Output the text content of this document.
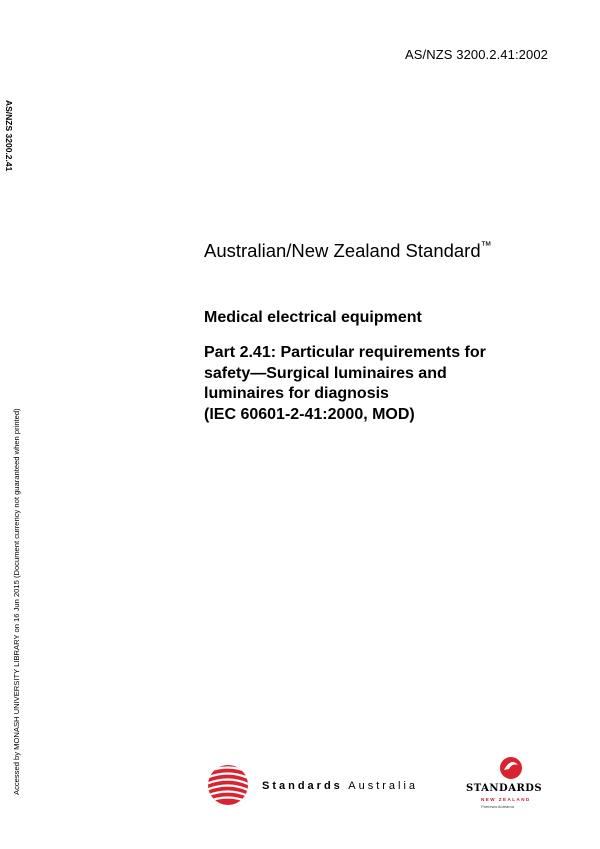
AS/NZS 3200.2.41:2002
AS/NZS 3200.2.41
Accessed by MONASH UNIVERSITY LIBRARY on 16 Jun 2015 (Document currency not guaranteed when printed)
Australian/New Zealand Standard™
Medical electrical equipment
Part 2.41: Particular requirements for
safety—Surgical luminaires and
luminaires for diagnosis
(IEC 60601-2-41:2000, MOD)
Standards Australia	STANDARDS
NEW ZEALAND
Paerewa Aotearoa
